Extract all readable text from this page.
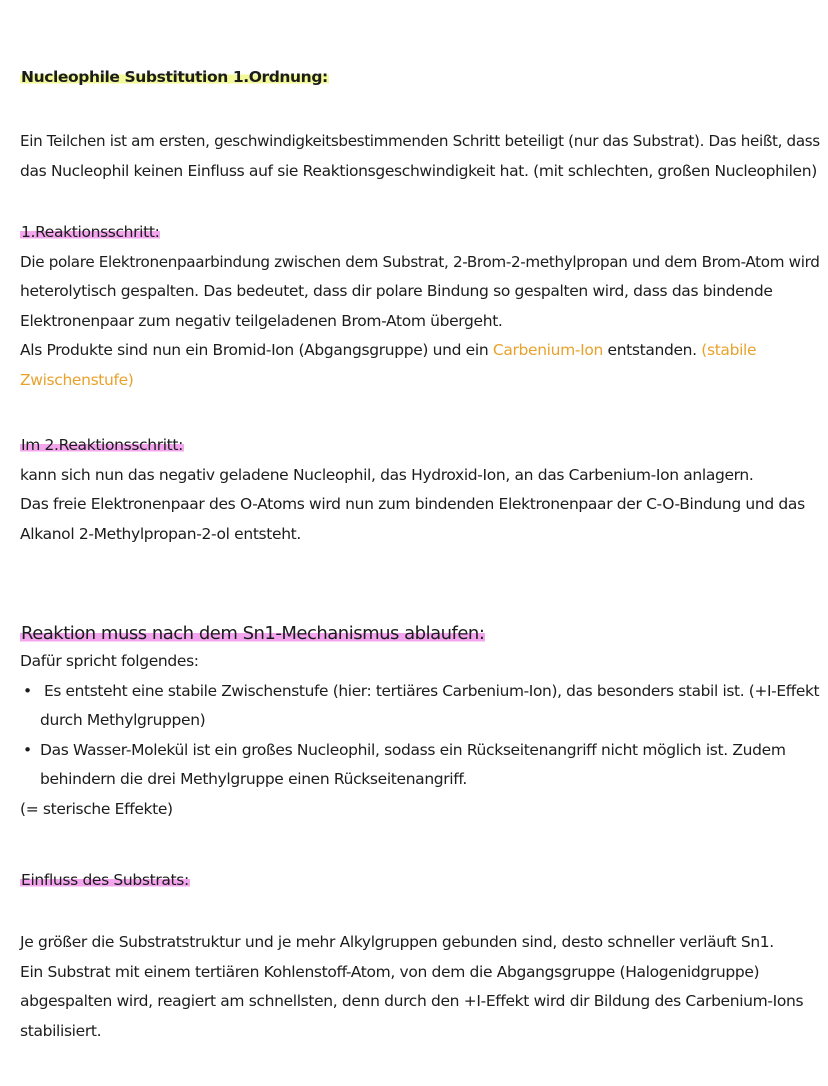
Nucleophile Substitution 1.Ordnung:
Ein Teilchen ist am ersten, geschwindigkeitsbestimmenden Schritt beteiligt (nur das Substrat). Das heißt, dass
das Nucleophil keinen Einfluss auf sie Reaktionsgeschwindigkeit hat. (mit schlechten, großen Nucleophilen)
1.Reaktionsschritt:
Die polare Elektronenpaarbindung zwischen dem Substrat, 2-Brom-2-methylpropan und dem Brom-Atom wird
heterolytisch gespalten. Das bedeutet, dass dir polare Bindung so gespalten wird, dass das bindende
Elektronenpaar zum negativ teilgeladenen Brom-Atom übergeht.
Als Produkte sind nun ein Bromid-Ion (Abgangsgruppe) und ein Carbenium-Ion entstanden. (stabile
Zwischenstufe)
Im 2.Reaktionsschritt:
kann sich nun das negativ geladene Nucleophil, das Hydroxid-Ion, an das Carbenium-Ion anlagern.
Das freie Elektronenpaar des O-Atoms wird nun zum bindenden Elektronenpaar der C-O-Bindung und das
Alkanol 2-Methylpropan-2-ol entsteht.
Reaktion muss nach dem Sn1-Mechanismus ablaufen:
Dafür spricht folgendes:
• Es entsteht eine stabile Zwischenstufe (hier: tertiäres Carbenium-Ion), das besonders stabil ist. (+I-Effekt
durch Methylgruppen)
• Das Wasser-Molekül ist ein großes Nucleophil, sodass ein Rückseitenangriff nicht möglich ist. Zudem
behindern die drei Methylgruppe einen Rückseitenangriff.
(= sterische Effekte)
Einfluss des Substrats:
Je größer die Substratstruktur und je mehr Alkylgruppen gebunden sind, desto schneller verläuft Sn1.
Ein Substrat mit einem tertiären Kohlenstoff-Atom, von dem die Abgangsgruppe (Halogenidgruppe)
abgespalten wird, reagiert am schnellsten, denn durch den +I-Effekt wird dir Bildung des Carbenium-Ions
stabilisiert.
